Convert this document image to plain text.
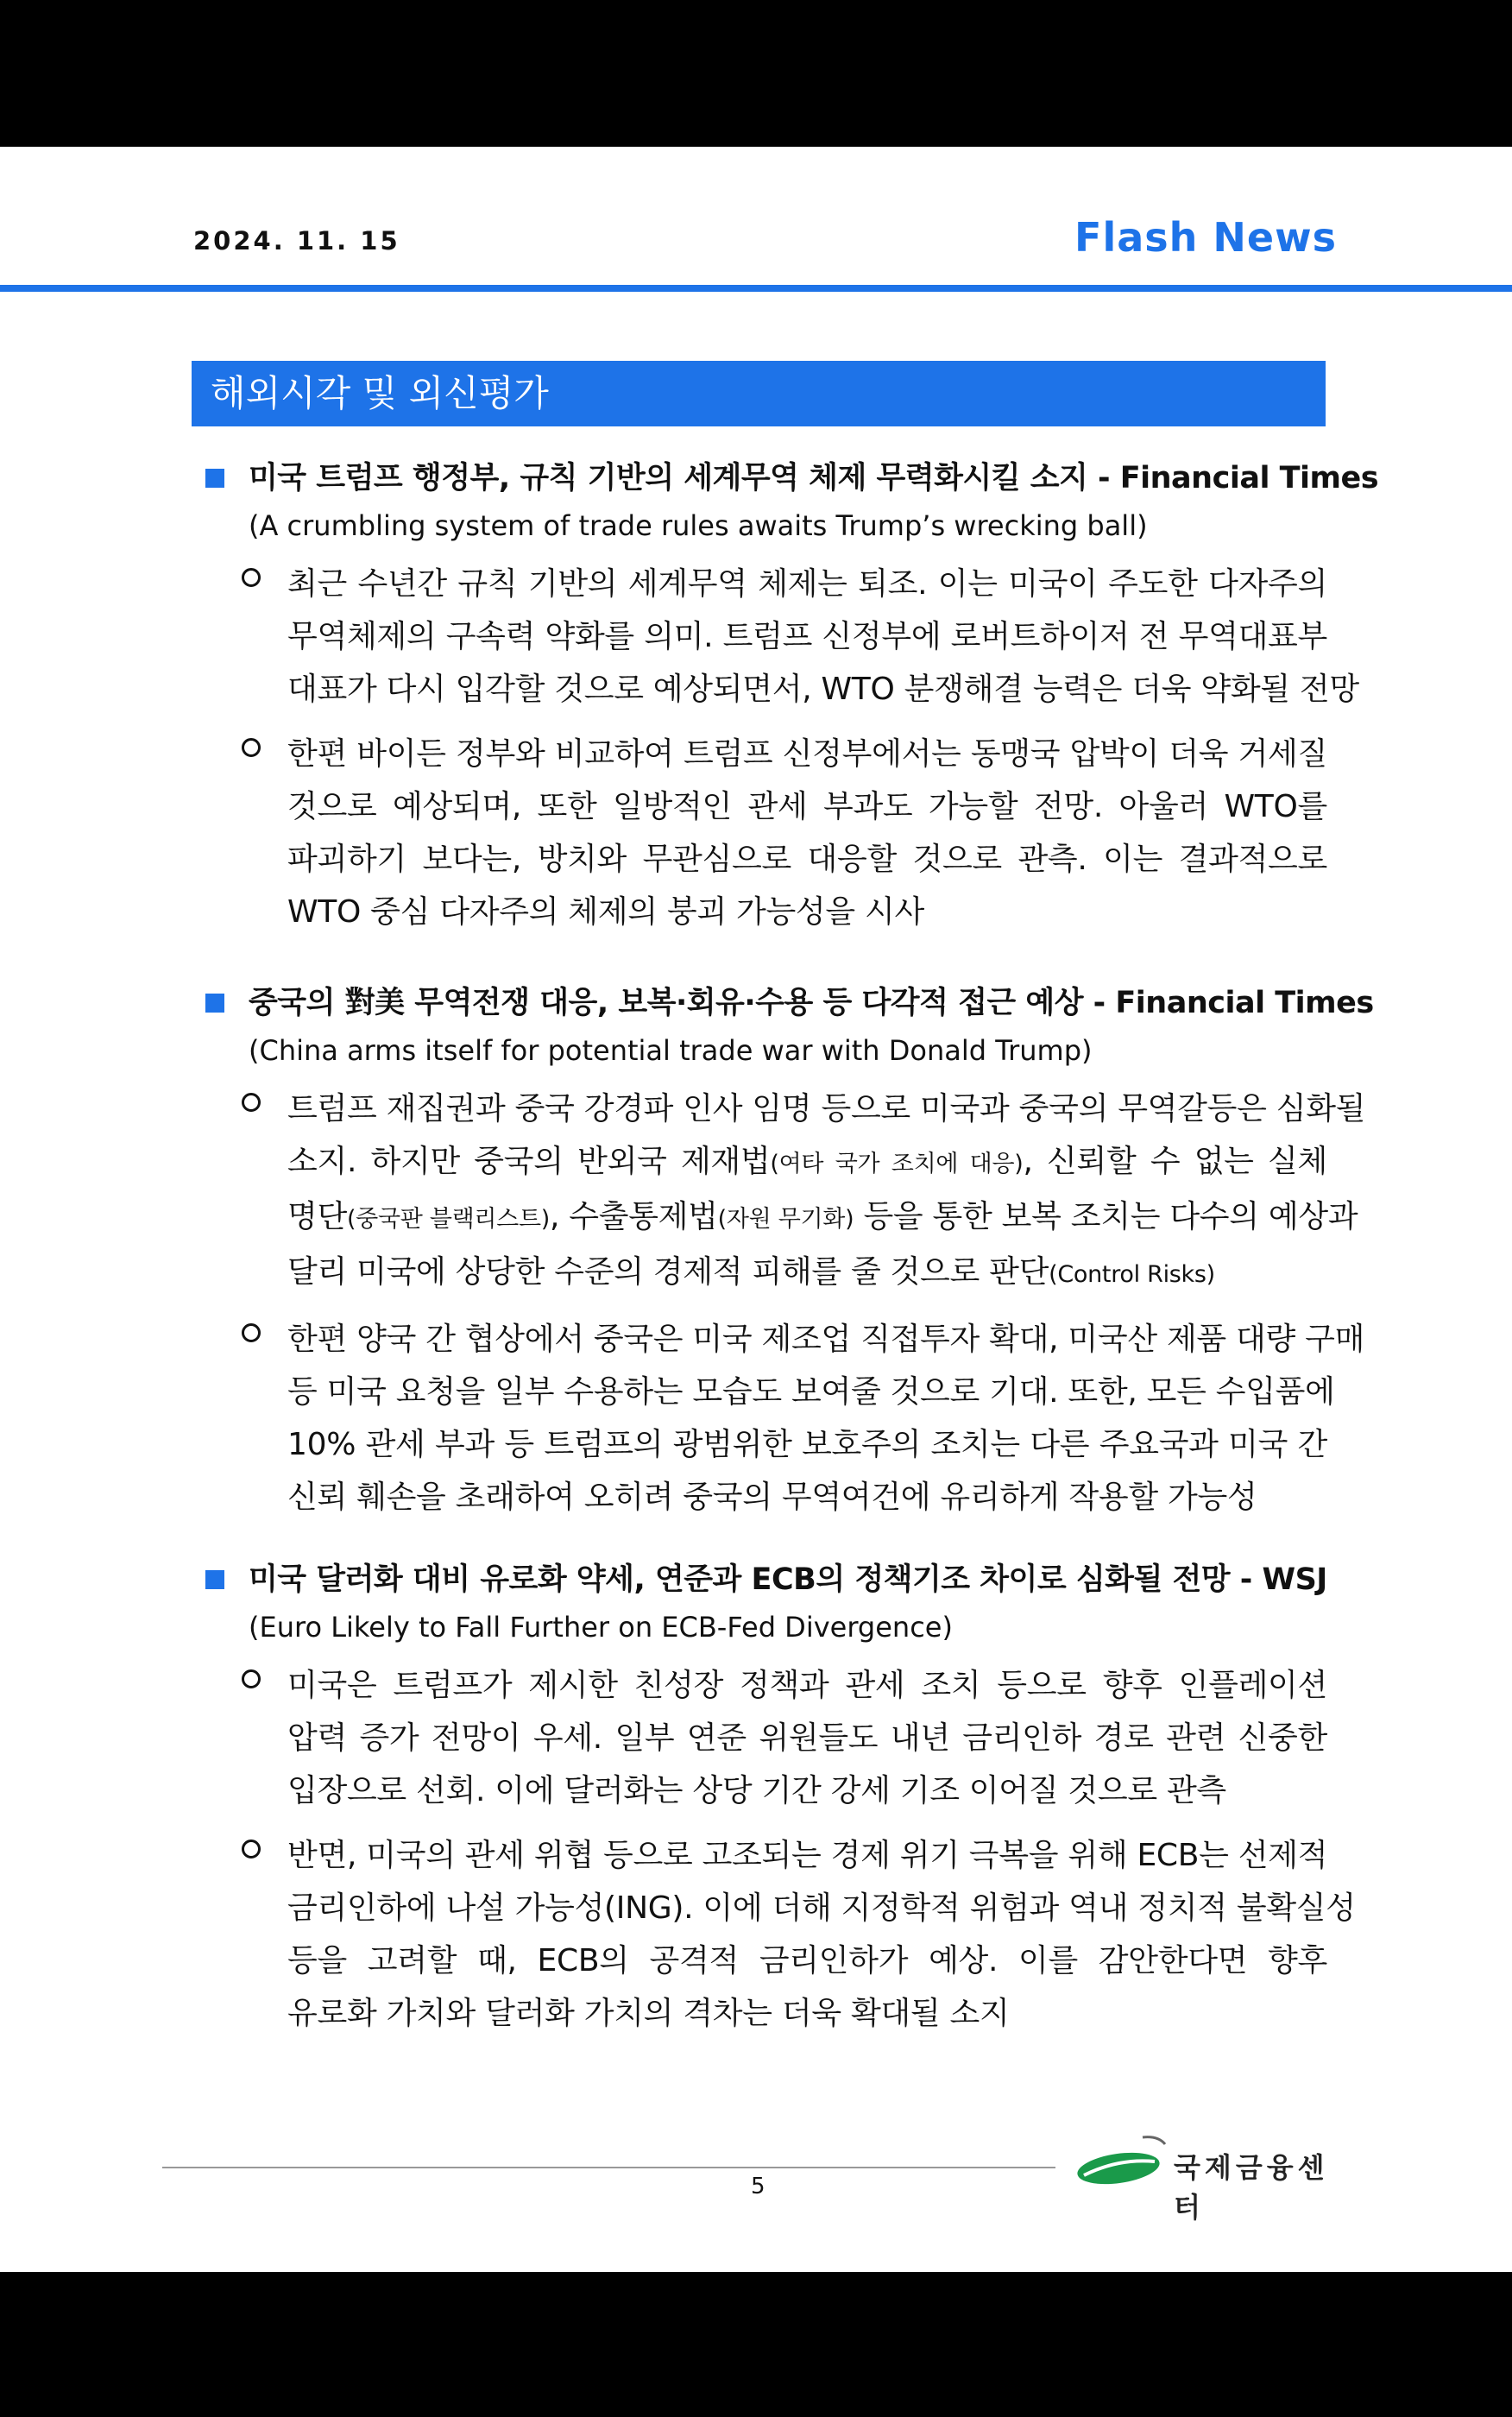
2024. 11. 15	Flash News
해외시각 및 외신평가
미국 트럼프 행정부, 규칙 기반의 세계무역 체제 무력화시킬 소지 - Financial Times
(A crumbling system of trade rules awaits Trump’s wrecking ball)

최근 수년간 규칙 기반의 세계무역 체제는 퇴조. 이는 미국이 주도한 다자주의

무역체제의 구속력 약화를 의미. 트럼프 신정부에 로버트하이저 전 무역대표부

대표가 다시 입각할 것으로 예상되면서, WTO 분쟁해결 능력은 더욱 약화될 전망

한편 바이든 정부와 비교하여 트럼프 신정부에서는 동맹국 압박이 더욱 거세질

것으로 예상되며, 또한 일방적인 관세 부과도 가능할 전망. 아울러 WTO를

파괴하기 보다는, 방치와 무관심으로 대응할 것으로 관측. 이는 결과적으로

WTO 중심 다자주의 체제의 붕괴 가능성을 시사

중국의 對美 무역전쟁 대응, 보복·회유·수용 등 다각적 접근 예상 - Financial Times
(China arms itself for potential trade war with Donald Trump)

트럼프 재집권과 중국 강경파 인사 임명 등으로 미국과 중국의 무역갈등은 심화될

소지. 하지만 중국의 반외국 제재법(여타 국가 조치에 대응), 신뢰할 수 없는 실체

명단(중국판 블랙리스트), 수출통제법(자원 무기화) 등을 통한 보복 조치는 다수의 예상과

달리 미국에 상당한 수준의 경제적 피해를 줄 것으로 판단(Control Risks)

한편 양국 간 협상에서 중국은 미국 제조업 직접투자 확대, 미국산 제품 대량 구매

등 미국 요청을 일부 수용하는 모습도 보여줄 것으로 기대. 또한, 모든 수입품에

10% 관세 부과 등 트럼프의 광범위한 보호주의 조치는 다른 주요국과 미국 간

신뢰 훼손을 초래하여 오히려 중국의 무역여건에 유리하게 작용할 가능성

미국 달러화 대비 유로화 약세, 연준과 ECB의 정책기조 차이로 심화될 전망 - WSJ
(Euro Likely to Fall Further on ECB-Fed Divergence)

미국은 트럼프가 제시한 친성장 정책과 관세 조치 등으로 향후 인플레이션

압력 증가 전망이 우세. 일부 연준 위원들도 내년 금리인하 경로 관련 신중한

입장으로 선회. 이에 달러화는 상당 기간 강세 기조 이어질 것으로 관측

반면, 미국의 관세 위협 등으로 고조되는 경제 위기 극복을 위해 ECB는 선제적

금리인하에 나설 가능성(ING). 이에 더해 지정학적 위험과 역내 정치적 불확실성

등을 고려할 때, ECB의 공격적 금리인하가 예상. 이를 감안한다면 향후

유로화 가치와 달러화 가치의 격차는 더욱 확대될 소지

5
국제금융센터
